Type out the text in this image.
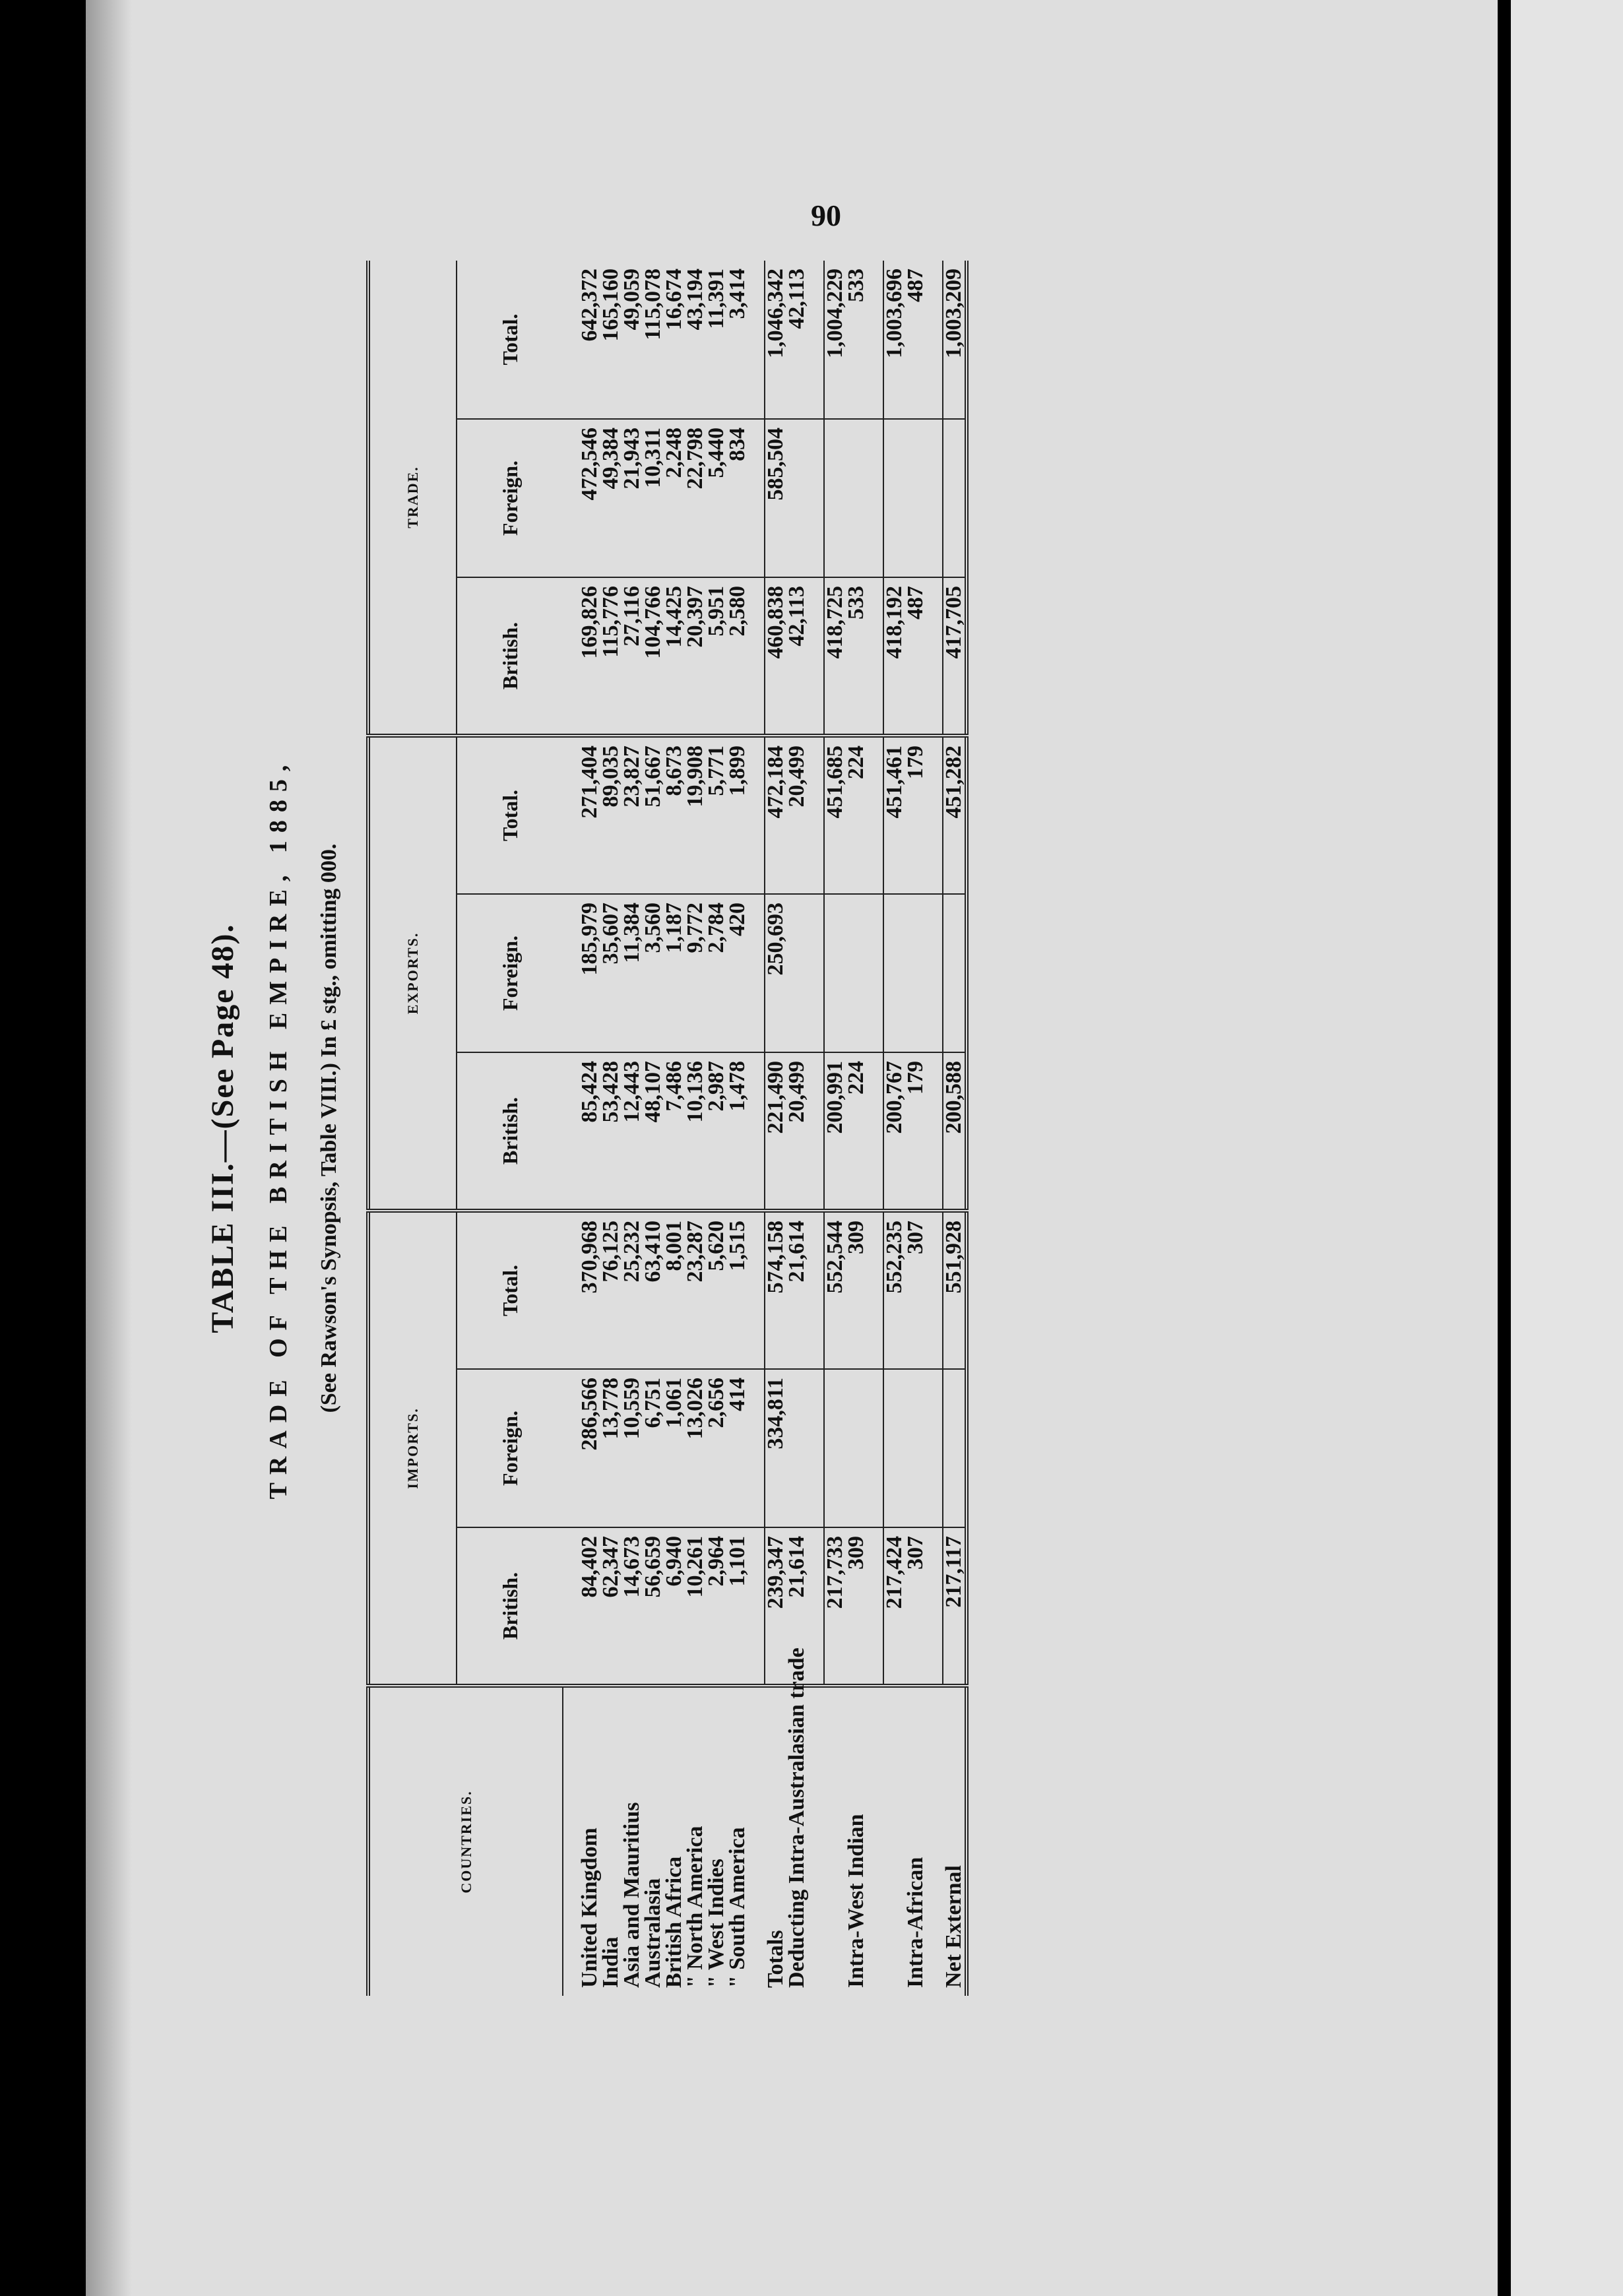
90
TABLE III.—(See Page 48). TRADE OF THE BRITISH EMPIRE, 1885, (See Rawson's Synopsis, Table VIII.) In £ stg., omitting 000.
COUNTRIES.	IMPORTS.			EXPORTS.			TRADE.		
	British.	Foreign.	Total.	British.	Foreign.	Total.	British.	Foreign.	Total.

United Kingdom	84,402	286,566	370,968	85,424	185,979	271,404	169,826	472,546	642,372
India	62,347	13,778	76,125	53,428	35,607	89,035	115,776	49,384	165,160
Asia and Mauritius	14,673	10,559	25,232	12,443	11,384	23,827	27,116	21,943	49,059
Australasia	56,659	6,751	63,410	48,107	3,560	51,667	104,766	10,311	115,078
British Africa	6,940	1,061	8,001	7,486	1,187	8,673	14,425	2,248	16,674
" North America	10,261	13,026	23,287	10,136	9,772	19,908	20,397	22,798	43,194
" West Indies	2,964	2,656	5,620	2,987	2,784	5,771	5,951	5,440	11,391
" South America	1,101	414	1,515	1,478	420	1,899	2,580	834	3,414

Totals	239,347	334,811	574,158	221,490	250,693	472,184	460,838	585,504	1,046,342
Deducting Intra-Australasian trade	21,614		21,614	20,499		20,499	42,113		42,113

	217,733		552,544	200,991		451,685	418,725		1,004,229
Intra-West Indian	309		309	224		224	533		533

	217,424		552,235	200,767		451,461	418,192		1,003,696
Intra-African	307		307	179		179	487		487

Net External	217,117		551,928	200,588		451,282	417,705		1,003,209
